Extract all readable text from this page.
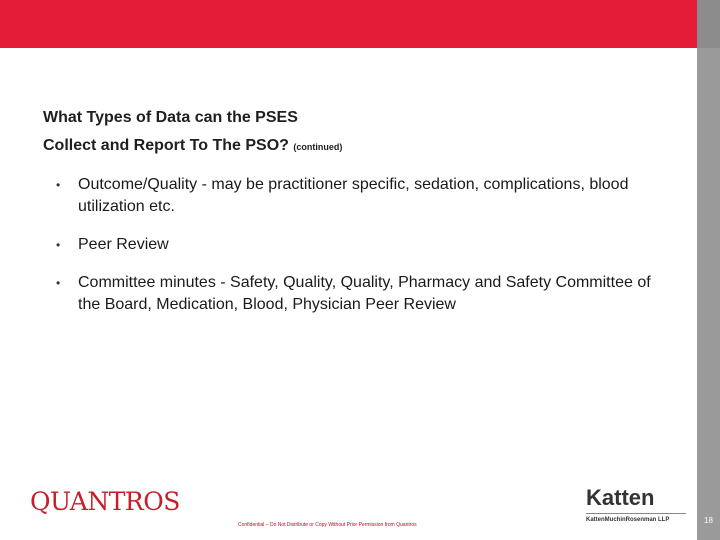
What Types of Data can the PSES
Collect and Report To The PSO? (continued)
• Outcome/Quality - may be practitioner specific, sedation, complications, blood utilization etc.
• Peer Review
• Committee minutes - Safety, Quality, Quality, Pharmacy and Safety Committee of the Board, Medication, Blood, Physician Peer Review
QUANTROS
Confidential – Do Not Distribute or Copy Without Prior Permission from Quantros
Katten
KattenMuchinRosenman LLP	18
